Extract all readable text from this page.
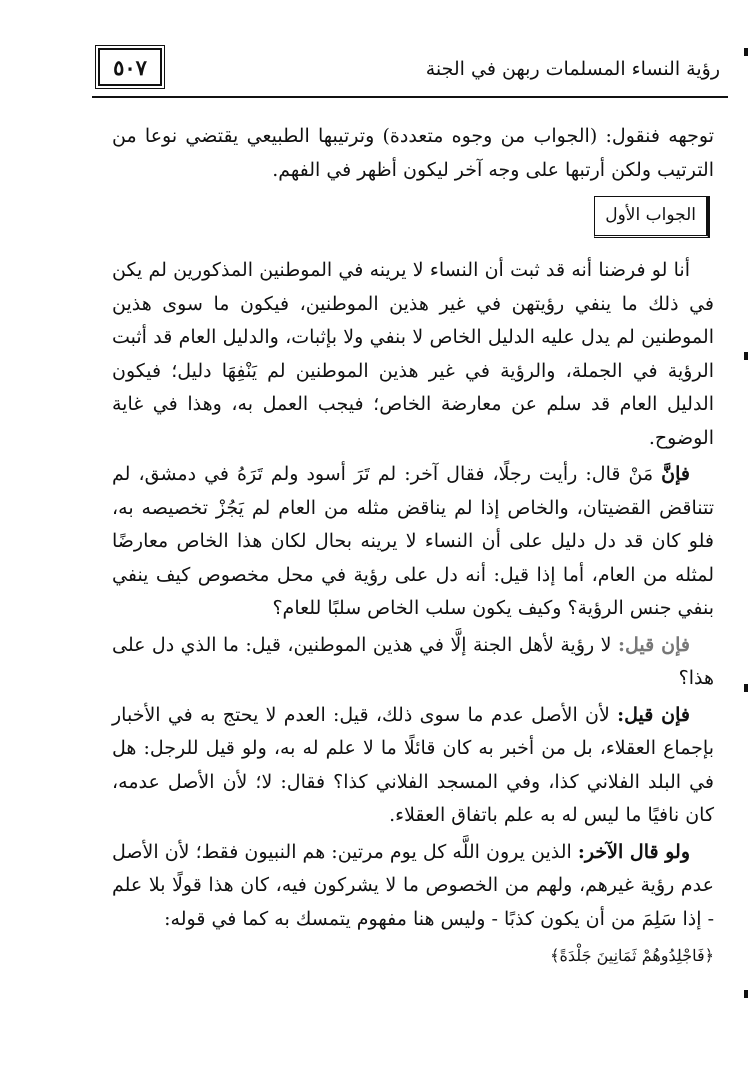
٥٠٧	رؤية النساء المسلمات ربهن في الجنة

توجهه فنقول: (الجواب من وجوه متعددة) وترتيبها الطبيعي يقتضي نوعا من الترتيب ولكن أرتبها على وجه آخر ليكون أظهر في الفهم.

الجواب الأول

أنا لو فرضنا أنه قد ثبت أن النساء لا يرينه في الموطنين المذكورين لم يكن في ذلك ما ينفي رؤيتهن في غير هذين الموطنين، فيكون ما سوى هذين الموطنين لم يدل عليه الدليل الخاص لا بنفي ولا بإثبات، والدليل العام قد أثبت الرؤية في الجملة، والرؤية في غير هذين الموطنين لم يَنْفِهَا دليل؛ فيكون الدليل العام قد سلم عن معارضة الخاص؛ فيجب العمل به، وهذا في غاية الوضوح.

فإنَّ مَنْ قال: رأيت رجلًا، فقال آخر: لم تَرَ أسود ولم تَرَهُ في دمشق، لم تتناقض القضيتان، والخاص إذا لم يناقض مثله من العام لم يَجُزْ تخصيصه به، فلو كان قد دل دليل على أن النساء لا يرينه بحال لكان هذا الخاص معارضًا لمثله من العام، أما إذا قيل: أنه دل على رؤية في محل مخصوص كيف ينفي بنفي جنس الرؤية؟ وكيف يكون سلب الخاص سلبًا للعام؟

فإن قيل: لا رؤية لأهل الجنة إلَّا في هذين الموطنين، قيل: ما الذي دل على هذا؟

فإن قيل: لأن الأصل عدم ما سوى ذلك، قيل: العدم لا يحتج به في الأخبار بإجماع العقلاء، بل من أخبر به كان قائلًا ما لا علم له به، ولو قيل للرجل: هل في البلد الفلاني كذا، وفي المسجد الفلاني كذا؟ فقال: لا؛ لأن الأصل عدمه، كان نافيًا ما ليس له به علم باتفاق العقلاء.

ولو قال الآخر: الذين يرون اللَّه كل يوم مرتين: هم النبيون فقط؛ لأن الأصل عدم رؤية غيرهم، ولهم من الخصوص ما لا يشركون فيه، كان هذا قولًا بلا علم - إذا سَلِمَ من أن يكون كذبًا - وليس هنا مفهوم يتمسك به كما في قوله:

﴿فَاجْلِدُوهُمْ ثَمَانِينَ جَلْدَةً﴾
